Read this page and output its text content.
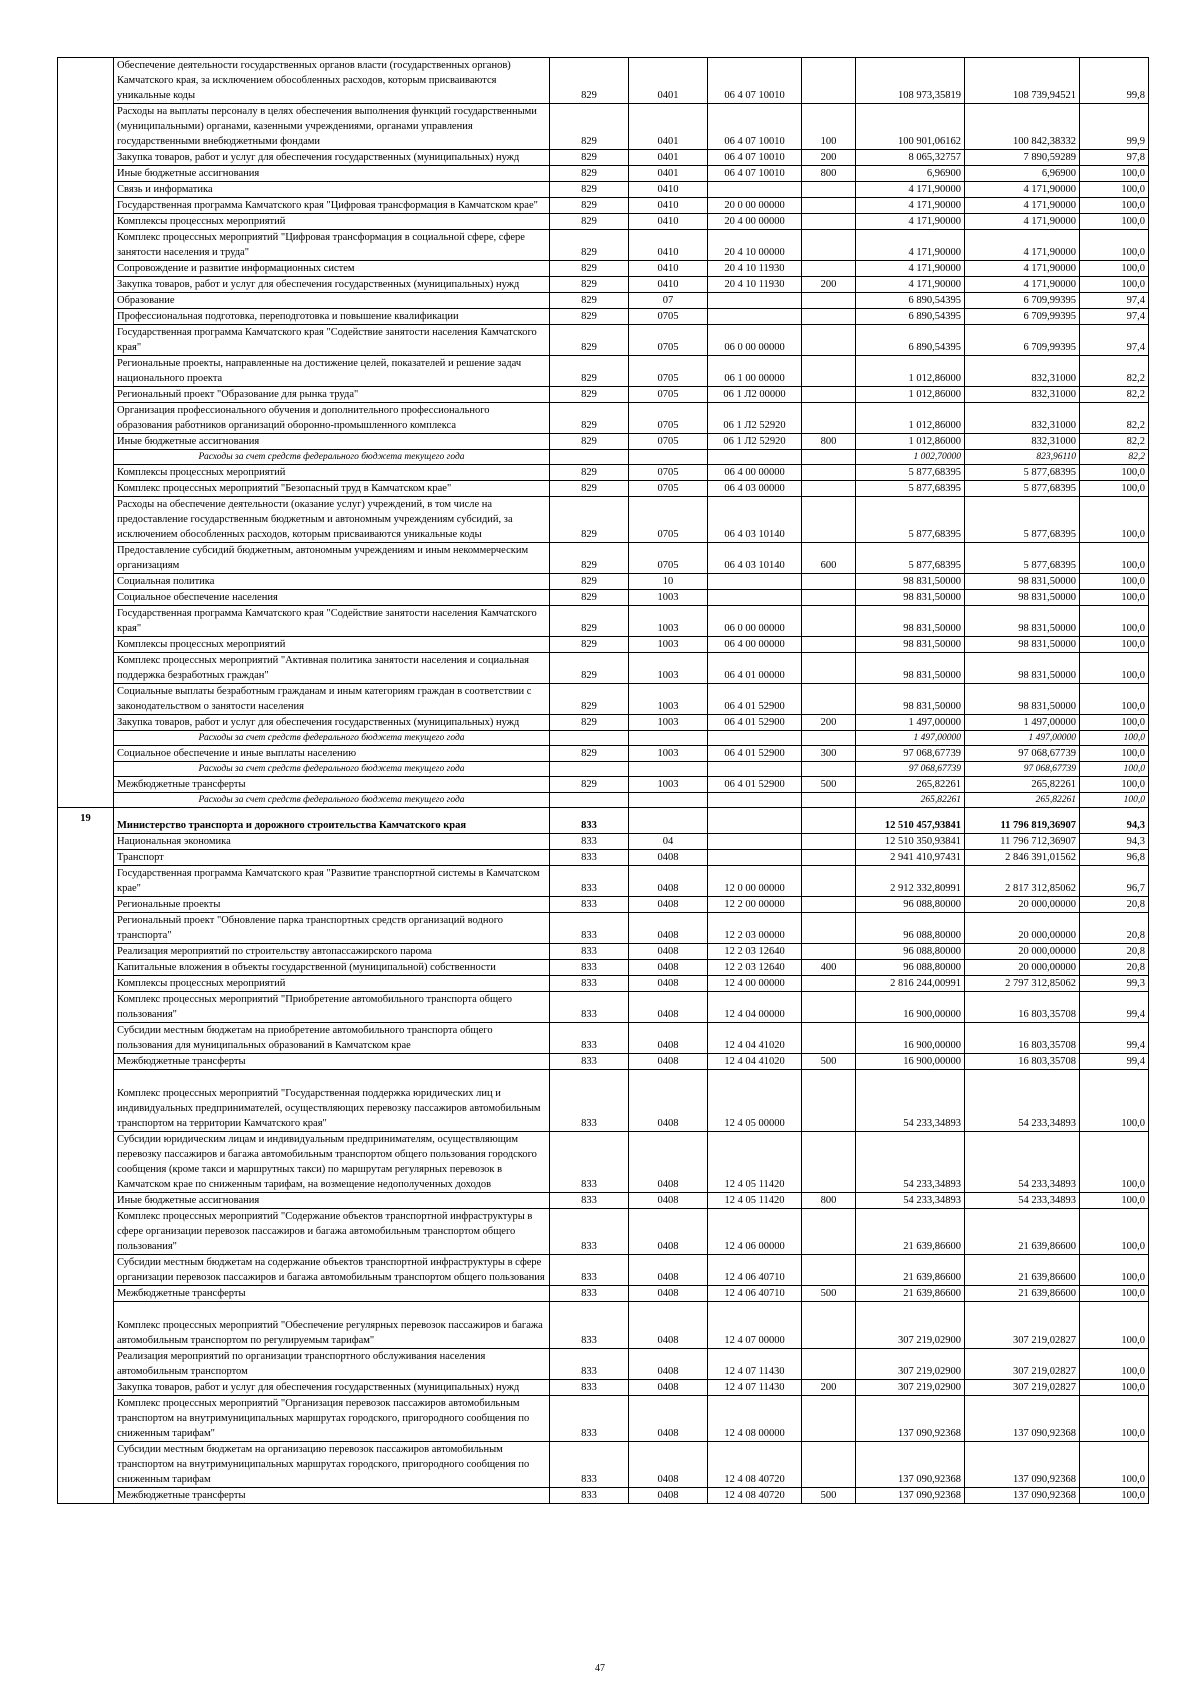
	Обеспечение деятельности государственных органов власти (государственных органов) Камчатского края, за исключением обособленных расходов, которым присваиваются уникальные коды	829	0401	06 4 07 10010		108 973,35819	108 739,94521	99,8
	Расходы на выплаты персоналу в целях обеспечения выполнения функций государственными (муниципальными) органами, казенными учреждениями, органами управления государственными внебюджетными фондами	829	0401	06 4 07 10010	100	100 901,06162	100 842,38332	99,9
	Закупка товаров, работ и услуг для обеспечения государственных (муниципальных) нужд	829	0401	06 4 07 10010	200	8 065,32757	7 890,59289	97,8
	Иные бюджетные ассигнования	829	0401	06 4 07 10010	800	6,96900	6,96900	100,0
	Связь и информатика	829	0410			4 171,90000	4 171,90000	100,0
	Государственная программа Камчатского края "Цифровая трансформация в Камчатском крае"	829	0410	20 0 00 00000		4 171,90000	4 171,90000	100,0
	Комплексы процессных мероприятий	829	0410	20 4 00 00000		4 171,90000	4 171,90000	100,0
	Комплекс процессных мероприятий "Цифровая трансформация в социальной сфере, сфере занятости населения и труда"	829	0410	20 4 10 00000		4 171,90000	4 171,90000	100,0
	Сопровождение и развитие информационных систем	829	0410	20 4 10 11930		4 171,90000	4 171,90000	100,0
	Закупка товаров, работ и услуг для обеспечения государственных (муниципальных) нужд	829	0410	20 4 10 11930	200	4 171,90000	4 171,90000	100,0
	Образование	829	07			6 890,54395	6 709,99395	97,4
	Профессиональная подготовка, переподготовка и повышение квалификации	829	0705			6 890,54395	6 709,99395	97,4
	Государственная программа Камчатского края "Содействие занятости населения Камчатского края"	829	0705	06 0 00 00000		6 890,54395	6 709,99395	97,4
	Региональные проекты, направленные на достижение целей, показателей и решение задач национального проекта	829	0705	06 1 00 00000		1 012,86000	832,31000	82,2
	Региональный проект "Образование для рынка труда"	829	0705	06 1 Л2 00000		1 012,86000	832,31000	82,2
	Организация профессионального обучения и дополнительного профессионального образования работников организаций оборонно-промышленного комплекса	829	0705	06 1 Л2 52920		1 012,86000	832,31000	82,2
	Иные бюджетные ассигнования	829	0705	06 1 Л2 52920	800	1 012,86000	832,31000	82,2
	Расходы за счет средств федерального бюджета текущего года					1 002,70000	823,96110	82,2
	Комплексы процессных мероприятий	829	0705	06 4 00 00000		5 877,68395	5 877,68395	100,0
	Комплекс процессных мероприятий "Безопасный труд в Камчатском крае"	829	0705	06 4 03 00000		5 877,68395	5 877,68395	100,0
	Расходы на обеспечение деятельности (оказание услуг) учреждений, в том числе на предоставление государственным бюджетным и автономным учреждениям субсидий, за исключением обособленных расходов, которым присваиваются уникальные коды	829	0705	06 4 03 10140		5 877,68395	5 877,68395	100,0
	Предоставление субсидий бюджетным, автономным учреждениям и иным некоммерческим организациям	829	0705	06 4 03 10140	600	5 877,68395	5 877,68395	100,0
	Социальная политика	829	10			98 831,50000	98 831,50000	100,0
	Социальное обеспечение населения	829	1003			98 831,50000	98 831,50000	100,0
	Государственная программа Камчатского края "Содействие занятости населения Камчатского края"	829	1003	06 0 00 00000		98 831,50000	98 831,50000	100,0
	Комплексы процессных мероприятий	829	1003	06 4 00 00000		98 831,50000	98 831,50000	100,0
	Комплекс процессных мероприятий "Активная политика занятости населения и социальная поддержка безработных граждан"	829	1003	06 4 01 00000		98 831,50000	98 831,50000	100,0
	Социальные выплаты безработным гражданам и иным категориям граждан в соответствии с законодательством о занятости населения	829	1003	06 4 01 52900		98 831,50000	98 831,50000	100,0
	Закупка товаров, работ и услуг для обеспечения государственных (муниципальных) нужд	829	1003	06 4 01 52900	200	1 497,00000	1 497,00000	100,0
	Расходы за счет средств федерального бюджета текущего года					1 497,00000	1 497,00000	100,0
	Социальное обеспечение и иные выплаты населению	829	1003	06 4 01 52900	300	97 068,67739	97 068,67739	100,0
	Расходы за счет средств федерального бюджета текущего года					97 068,67739	97 068,67739	100,0
	Межбюджетные трансферты	829	1003	06 4 01 52900	500	265,82261	265,82261	100,0
	Расходы за счет средств федерального бюджета текущего года					265,82261	265,82261	100,0
19	Министерство транспорта и дорожного строительства Камчатского края	833				12 510 457,93841	11 796 819,36907	94,3
	Национальная экономика	833	04			12 510 350,93841	11 796 712,36907	94,3
	Транспорт	833	0408			2 941 410,97431	2 846 391,01562	96,8
	Государственная программа Камчатского края "Развитие транспортной системы в Камчатском крае"	833	0408	12 0 00 00000		2 912 332,80991	2 817 312,85062	96,7
	Региональные проекты	833	0408	12 2 00 00000		96 088,80000	20 000,00000	20,8
	Региональный проект "Обновление парка транспортных средств организаций водного транспорта"	833	0408	12 2 03 00000		96 088,80000	20 000,00000	20,8
	Реализация мероприятий по строительству автопассажирского парома	833	0408	12 2 03 12640		96 088,80000	20 000,00000	20,8
	Капитальные вложения в объекты государственной (муниципальной) собственности	833	0408	12 2 03 12640	400	96 088,80000	20 000,00000	20,8
	Комплексы процессных мероприятий	833	0408	12 4 00 00000		2 816 244,00991	2 797 312,85062	99,3
	Комплекс процессных мероприятий "Приобретение автомобильного транспорта общего пользования"	833	0408	12 4 04 00000		16 900,00000	16 803,35708	99,4
	Субсидии местным бюджетам на приобретение автомобильного транспорта общего пользования для муниципальных образований в Камчатском крае	833	0408	12 4 04 41020		16 900,00000	16 803,35708	99,4
	Межбюджетные трансферты	833	0408	12 4 04 41020	500	16 900,00000	16 803,35708	99,4
	Комплекс процессных мероприятий "Государственная поддержка юридических лиц и индивидуальных предпринимателей, осуществляющих перевозку пассажиров автомобильным транспортом на территории Камчатского края"	833	0408	12 4 05 00000		54 233,34893	54 233,34893	100,0
	Субсидии юридическим лицам и индивидуальным предпринимателям, осуществляющим перевозку пассажиров и багажа автомобильным транспортом общего пользования городского сообщения (кроме такси и маршрутных такси) по маршрутам регулярных перевозок в Камчатском крае по сниженным тарифам, на возмещение недополученных доходов	833	0408	12 4 05 11420		54 233,34893	54 233,34893	100,0
	Иные бюджетные ассигнования	833	0408	12 4 05 11420	800	54 233,34893	54 233,34893	100,0
	Комплекс процессных мероприятий "Содержание объектов транспортной инфраструктуры в сфере организации перевозок пассажиров и багажа автомобильным транспортом общего пользования"	833	0408	12 4 06 00000		21 639,86600	21 639,86600	100,0
	Субсидии местным бюджетам на содержание объектов транспортной инфраструктуры в сфере организации перевозок пассажиров и багажа автомобильным транспортом общего пользования	833	0408	12 4 06 40710		21 639,86600	21 639,86600	100,0
	Межбюджетные трансферты	833	0408	12 4 06 40710	500	21 639,86600	21 639,86600	100,0
	Комплекс процессных мероприятий "Обеспечение регулярных перевозок пассажиров и багажа автомобильным транспортом по регулируемым тарифам"	833	0408	12 4 07 00000		307 219,02900	307 219,02827	100,0
	Реализация мероприятий по организации транспортного обслуживания населения автомобильным транспортом	833	0408	12 4 07 11430		307 219,02900	307 219,02827	100,0
	Закупка товаров, работ и услуг для обеспечения государственных (муниципальных) нужд	833	0408	12 4 07 11430	200	307 219,02900	307 219,02827	100,0
	Комплекс процессных мероприятий "Организация перевозок пассажиров автомобильным транспортом на внутримуниципальных маршрутах городского, пригородного сообщения по сниженным тарифам"	833	0408	12 4 08 00000		137 090,92368	137 090,92368	100,0
	Субсидии местным бюджетам на организацию перевозок пассажиров автомобильным транспортом на внутримуниципальных маршрутах городского, пригородного сообщения по сниженным тарифам	833	0408	12 4 08 40720		137 090,92368	137 090,92368	100,0
	Межбюджетные трансферты	833	0408	12 4 08 40720	500	137 090,92368	137 090,92368	100,0
47
